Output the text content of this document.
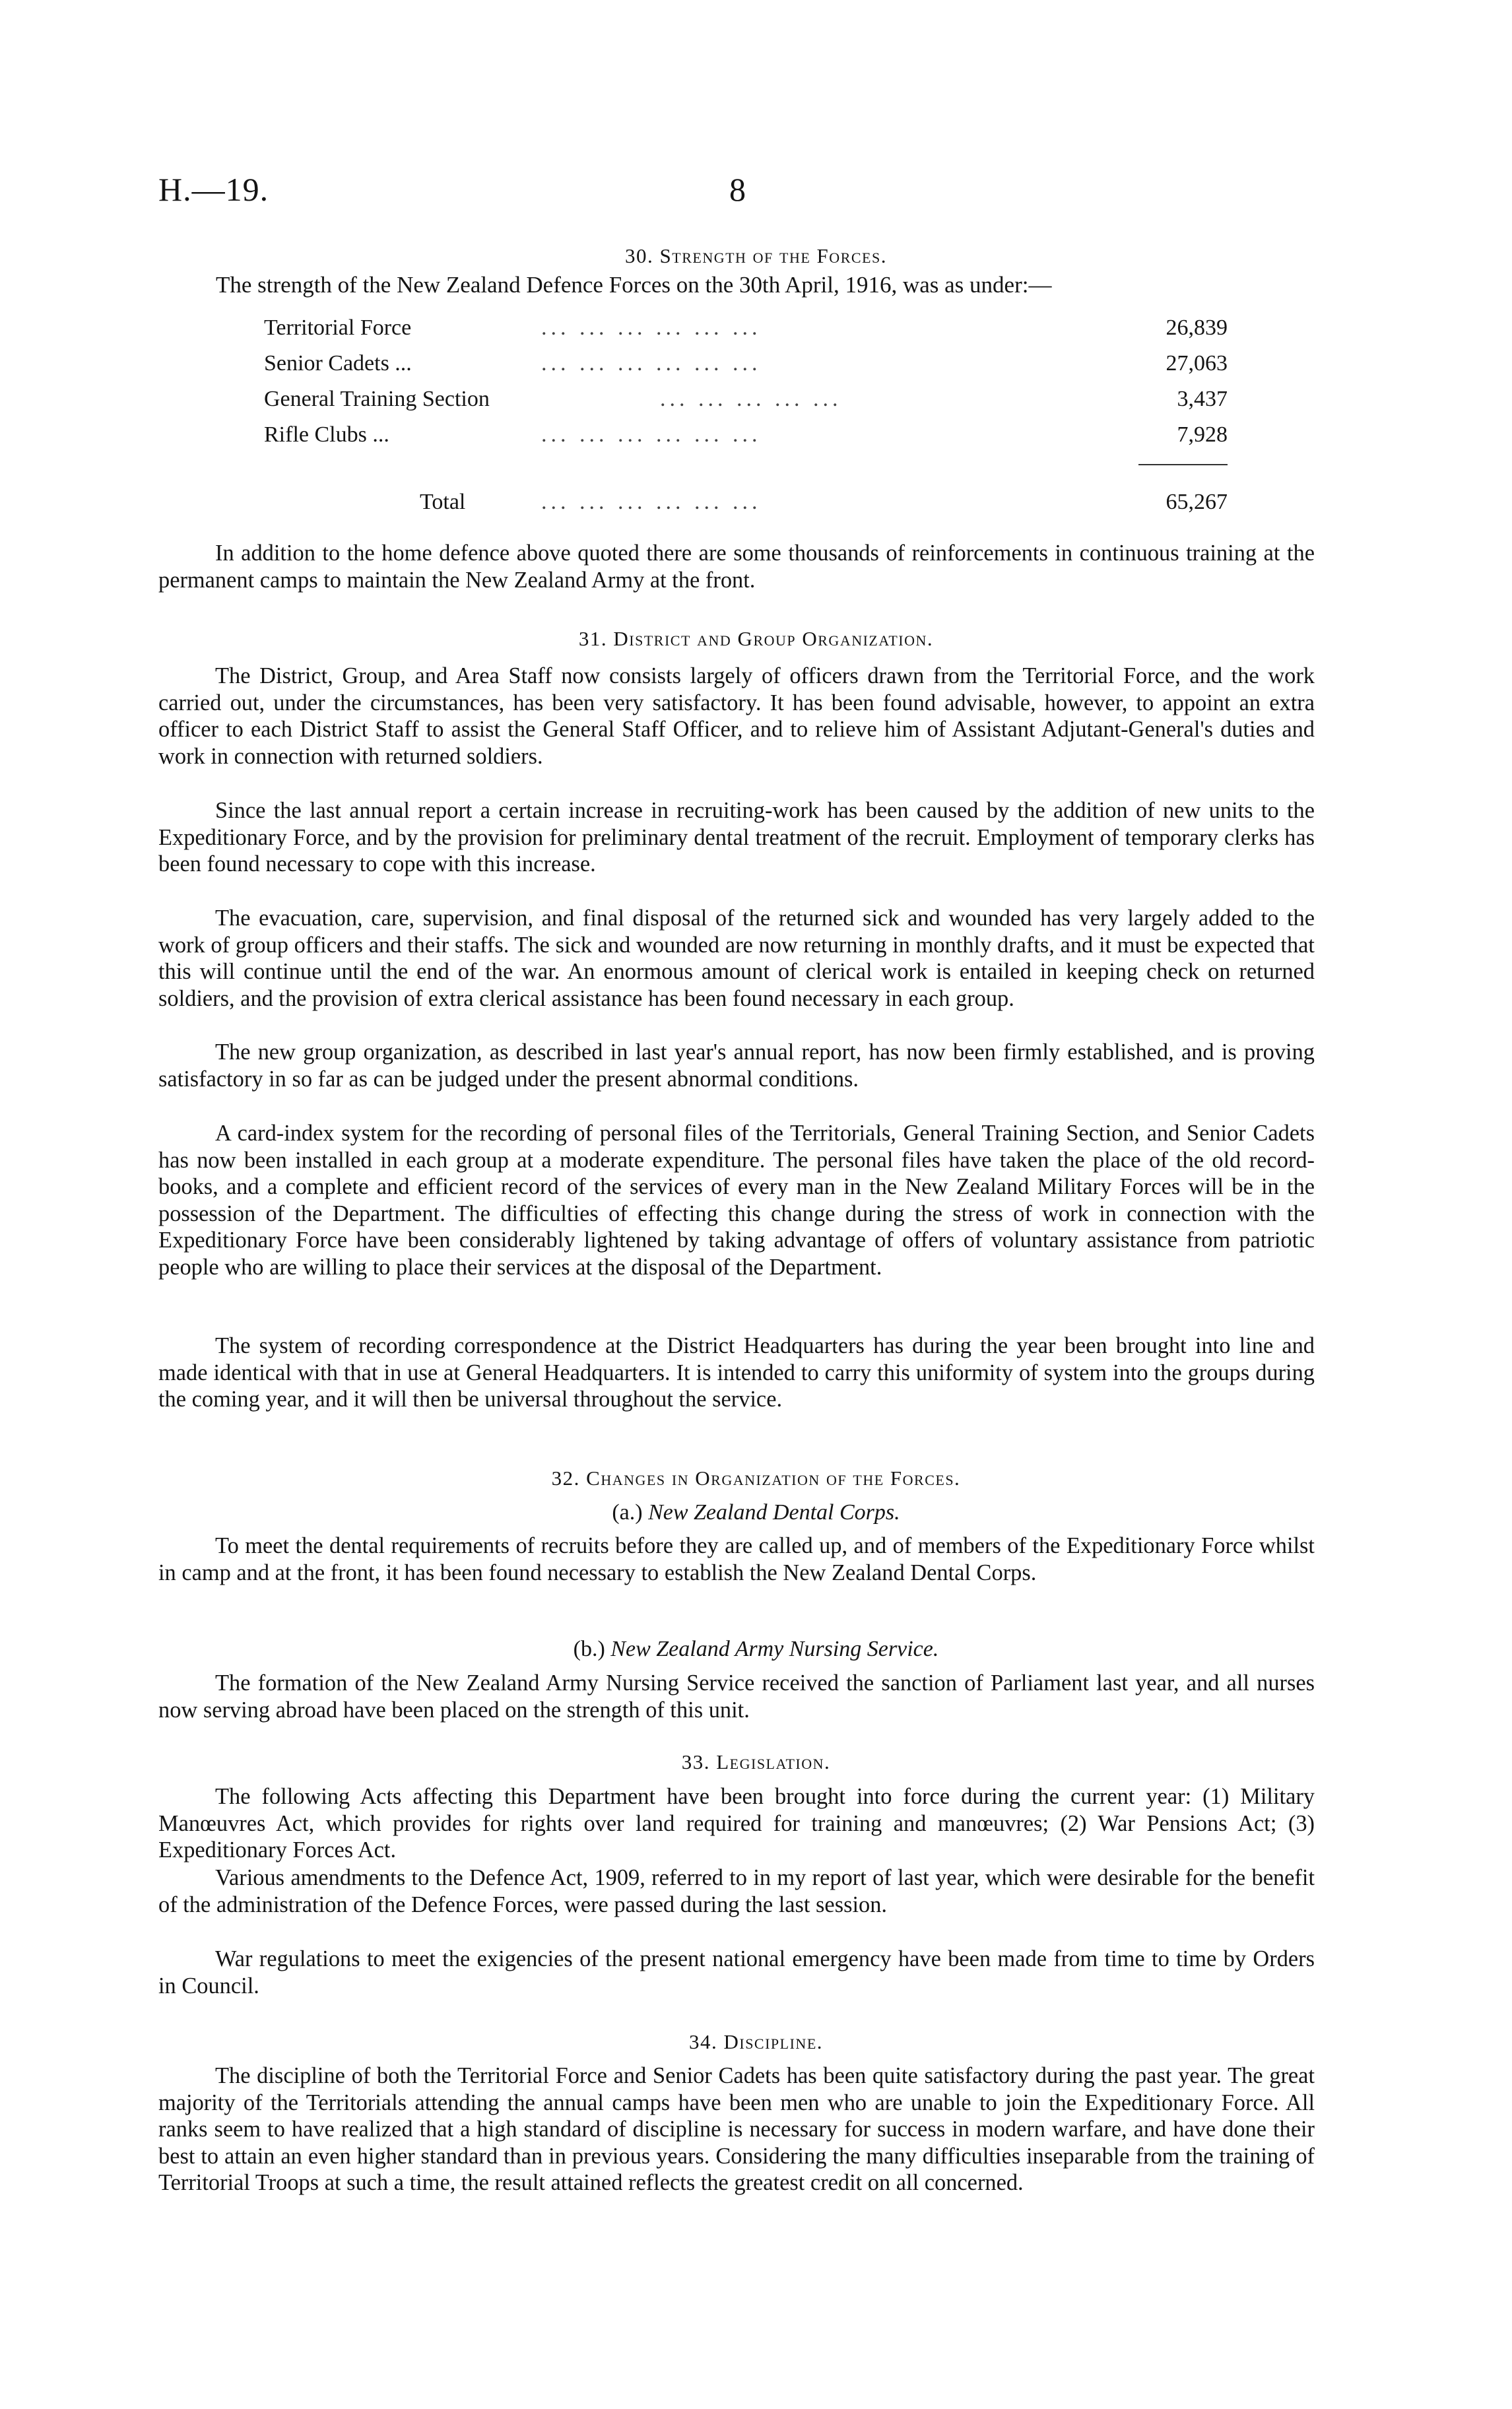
H.—19.	8
30. Strength of the Forces.
The strength of the New Zealand Defence Forces on the 30th April, 1916, was as under:—
Territorial Force	... ... ... ... ... ...	26,839
Senior Cadets ...	... ... ... ... ... ...	27,063
General Training Section	... ... ... ... ...	3,437
Rifle Clubs ...	... ... ... ... ... ...	7,928
Total	... ... ... ... ... ...	65,267

In addition to the home defence above quoted there are some thousands of reinforcements in continuous training at the permanent camps to maintain the New Zealand Army at the front.

31. District and Group Organization.

The District, Group, and Area Staff now consists largely of officers drawn from the Territorial Force, and the work carried out, under the circumstances, has been very satisfactory. It has been found advisable, however, to appoint an extra officer to each District Staff to assist the General Staff Officer, and to relieve him of Assistant Adjutant-General's duties and work in connection with returned soldiers.

Since the last annual report a certain increase in recruiting-work has been caused by the addition of new units to the Expeditionary Force, and by the provision for preliminary dental treatment of the recruit. Employment of temporary clerks has been found necessary to cope with this increase.

The evacuation, care, supervision, and final disposal of the returned sick and wounded has very largely added to the work of group officers and their staffs. The sick and wounded are now returning in monthly drafts, and it must be expected that this will continue until the end of the war. An enormous amount of clerical work is entailed in keeping check on returned soldiers, and the provision of extra clerical assistance has been found necessary in each group.

The new group organization, as described in last year's annual report, has now been firmly established, and is proving satisfactory in so far as can be judged under the present abnormal conditions.

A card-index system for the recording of personal files of the Territorials, General Training Section, and Senior Cadets has now been installed in each group at a moderate expenditure. The personal files have taken the place of the old record-books, and a complete and efficient record of the services of every man in the New Zealand Military Forces will be in the possession of the Department. The difficulties of effecting this change during the stress of work in connection with the Expeditionary Force have been considerably lightened by taking advantage of offers of voluntary assistance from patriotic people who are willing to place their services at the disposal of the Department.

The system of recording correspondence at the District Headquarters has during the year been brought into line and made identical with that in use at General Headquarters. It is intended to carry this uniformity of system into the groups during the coming year, and it will then be universal throughout the service.

32. Changes in Organization of the Forces.
(a.) New Zealand Dental Corps.

To meet the dental requirements of recruits before they are called up, and of members of the Expeditionary Force whilst in camp and at the front, it has been found necessary to establish the New Zealand Dental Corps.

(b.) New Zealand Army Nursing Service.

The formation of the New Zealand Army Nursing Service received the sanction of Parliament last year, and all nurses now serving abroad have been placed on the strength of this unit.

33. Legislation.

The following Acts affecting this Department have been brought into force during the current year: (1) Military Manœuvres Act, which provides for rights over land required for training and manœuvres; (2) War Pensions Act; (3) Expeditionary Forces Act.

Various amendments to the Defence Act, 1909, referred to in my report of last year, which were desirable for the benefit of the administration of the Defence Forces, were passed during the last session.

War regulations to meet the exigencies of the present national emergency have been made from time to time by Orders in Council.

34. Discipline.

The discipline of both the Territorial Force and Senior Cadets has been quite satisfactory during the past year. The great majority of the Territorials attending the annual camps have been men who are unable to join the Expeditionary Force. All ranks seem to have realized that a high standard of discipline is necessary for success in modern warfare, and have done their best to attain an even higher standard than in previous years. Considering the many difficulties inseparable from the training of Territorial Troops at such a time, the result attained reflects the greatest credit on all concerned.
